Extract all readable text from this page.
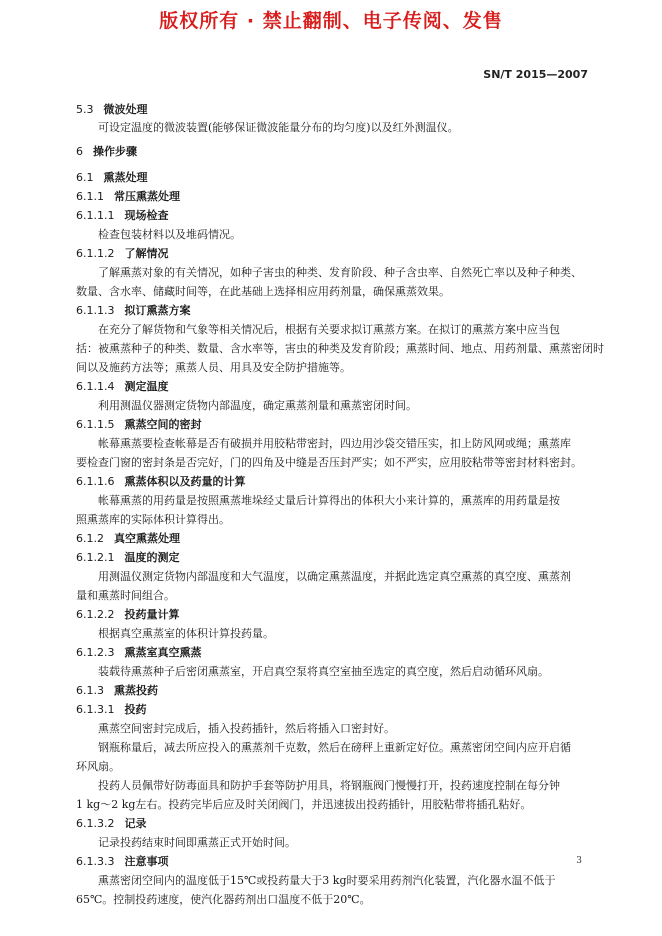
版权所有 · 禁止翻制、电子传阅、发售
SN/T 2015—2007
5.3 微波处理
可设定温度的微波装置(能够保证微波能量分布的均匀度)以及红外测温仪。
6 操作步骤
6.1 熏蒸处理
6.1.1 常压熏蒸处理
6.1.1.1 现场检查
检查包装材料以及堆码情况。
6.1.1.2 了解情况
了解熏蒸对象的有关情况，如种子害虫的种类、发育阶段、种子含虫率、自然死亡率以及种子种类、
数量、含水率、储藏时间等，在此基础上选择相应用药剂量，确保熏蒸效果。
6.1.1.3 拟订熏蒸方案
在充分了解货物和气象等相关情况后，根据有关要求拟订熏蒸方案。在拟订的熏蒸方案中应当包
括：被熏蒸种子的种类、数量、含水率等，害虫的种类及发育阶段；熏蒸时间、地点、用药剂量、熏蒸密闭时
间以及施药方法等；熏蒸人员、用具及安全防护措施等。
6.1.1.4 测定温度
利用测温仪器测定货物内部温度，确定熏蒸剂量和熏蒸密闭时间。
6.1.1.5 熏蒸空间的密封
帐幕熏蒸要检查帐幕是否有破损并用胶粘带密封，四边用沙袋交错压实，扣上防风网或绳；熏蒸库
要检查门窗的密封条是否完好，门的四角及中缝是否压封严实；如不严实，应用胶粘带等密封材料密封。
6.1.1.6 熏蒸体积以及药量的计算
帐幕熏蒸的用药量是按照熏蒸堆垛经丈量后计算得出的体积大小来计算的，熏蒸库的用药量是按
照熏蒸库的实际体积计算得出。
6.1.2 真空熏蒸处理
6.1.2.1 温度的测定
用测温仪测定货物内部温度和大气温度，以确定熏蒸温度，并据此选定真空熏蒸的真空度、熏蒸剂
量和熏蒸时间组合。
6.1.2.2 投药量计算
根据真空熏蒸室的体积计算投药量。
6.1.2.3 熏蒸室真空熏蒸
装载待熏蒸种子后密闭熏蒸室，开启真空泵将真空室抽至选定的真空度，然后启动循环风扇。
6.1.3 熏蒸投药
6.1.3.1 投药
熏蒸空间密封完成后，插入投药插针，然后将插入口密封好。
钢瓶称量后，减去所应投入的熏蒸剂千克数，然后在磅秤上重新定好位。熏蒸密闭空间内应开启循
环风扇。
投药人员佩带好防毒面具和防护手套等防护用具，将钢瓶阀门慢慢打开，投药速度控制在每分钟
1 kg～2 kg左右。投药完毕后应及时关闭阀门，并迅速拔出投药插针，用胶粘带将插孔粘好。
6.1.3.2 记录
记录投药结束时间即熏蒸正式开始时间。
6.1.3.3 注意事项
熏蒸密闭空间内的温度低于15℃或投药量大于3 kg时要采用药剂汽化装置，汽化器水温不低于
65℃。控制投药速度，使汽化器药剂出口温度不低于20℃。
3
